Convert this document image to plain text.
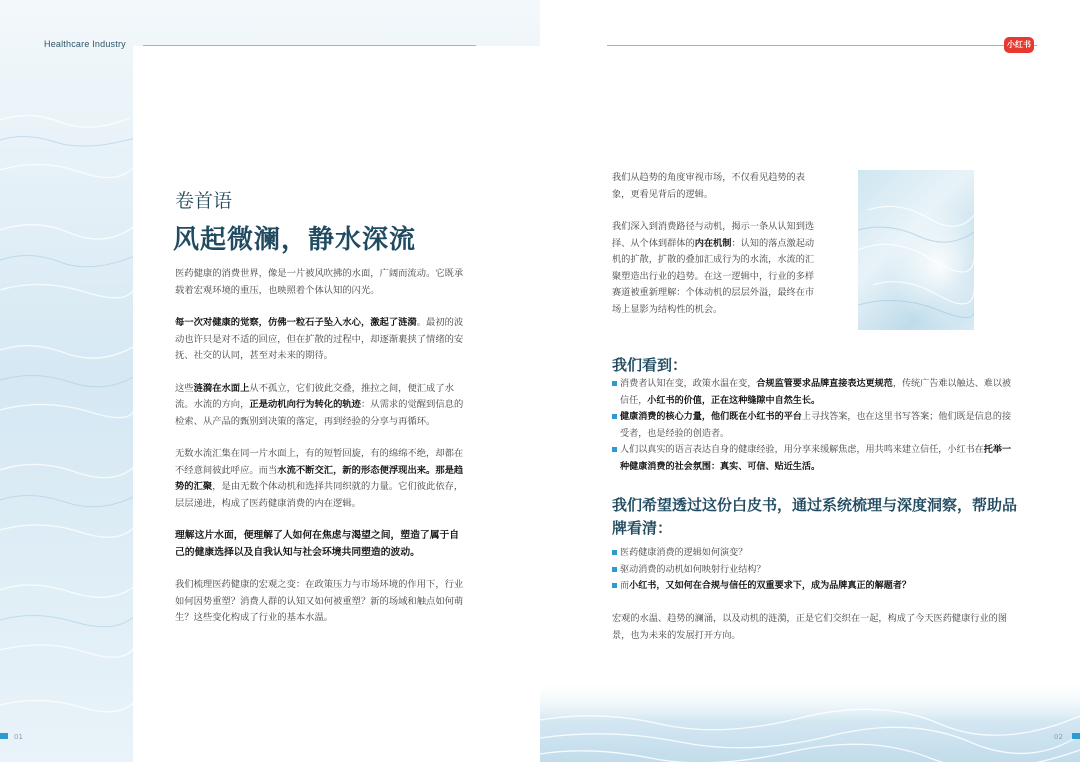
Healthcare Industry
卷首语
风起微澜，静水深流

医药健康的消费世界，像是一片被风吹拂的水面，广阔而流动。它既承载着宏观环境的重压，也映照着个体认知的闪光。

每一次对健康的觉察，仿佛一粒石子坠入水心，激起了涟漪。最初的波动也许只是对不适的回应，但在扩散的过程中，却逐渐裹挟了情绪的安抚、社交的认同，甚至对未来的期待。

这些涟漪在水面上从不孤立，它们彼此交叠，推拉之间，便汇成了水流。水流的方向，正是动机向行为转化的轨迹：从需求的觉醒到信息的检索、从产品的甄别到决策的落定，再到经验的分享与再循环。

无数水流汇集在同一片水面上，有的短暂回旋，有的绵绵不绝，却都在不经意间彼此呼应。而当水流不断交汇，新的形态便浮现出来。那是趋势的汇聚，是由无数个体动机和选择共同织就的力量。它们彼此依存，层层递进，构成了医药健康消费的内在逻辑。

理解这片水面，便理解了人如何在焦虑与渴望之间，塑造了属于自己的健康选择以及自我认知与社会环境共同塑造的波动。

我们梳理医药健康的宏观之变：在政策压力与市场环境的作用下，行业如何因势重塑？消费人群的认知又如何被重塑？新的场域和触点如何萌生？这些变化构成了行业的基本水温。

01
小红书

我们从趋势的角度审视市场，不仅看见趋势的表象，更看见背后的逻辑。

我们深入到消费路径与动机，揭示一条从认知到选择、从个体到群体的内在机制：认知的落点激起动机的扩散，扩散的叠加汇成行为的水流，水流的汇聚塑造出行业的趋势。在这一逻辑中，行业的多样赛道被重新理解：个体动机的层层外溢，最终在市场上显影为结构性的机会。

我们看到：
消费者认知在变，政策水温在变，合规监管要求品牌直接表达更规范，传统广告难以触达、难以被信任，小红书的价值，正在这种缝隙中自然生长。
健康消费的核心力量，他们既在小红书的平台上寻找答案，也在这里书写答案；他们既是信息的接受者，也是经验的创造者。
人们以真实的语言表达自身的健康经验，用分享来缓解焦虑，用共鸣来建立信任，小红书在托举一种健康消费的社会氛围：真实、可信、贴近生活。
我们希望透过这份白皮书，通过系统梳理与深度洞察，帮助品牌看清：
医药健康消费的逻辑如何演变？
驱动消费的动机如何映射行业结构？
而小红书，又如何在合规与信任的双重要求下，成为品牌真正的解题者？

宏观的水温、趋势的澜涌，以及动机的涟漪，正是它们交织在一起，构成了今天医药健康行业的图景，也为未来的发展打开方向。

02
